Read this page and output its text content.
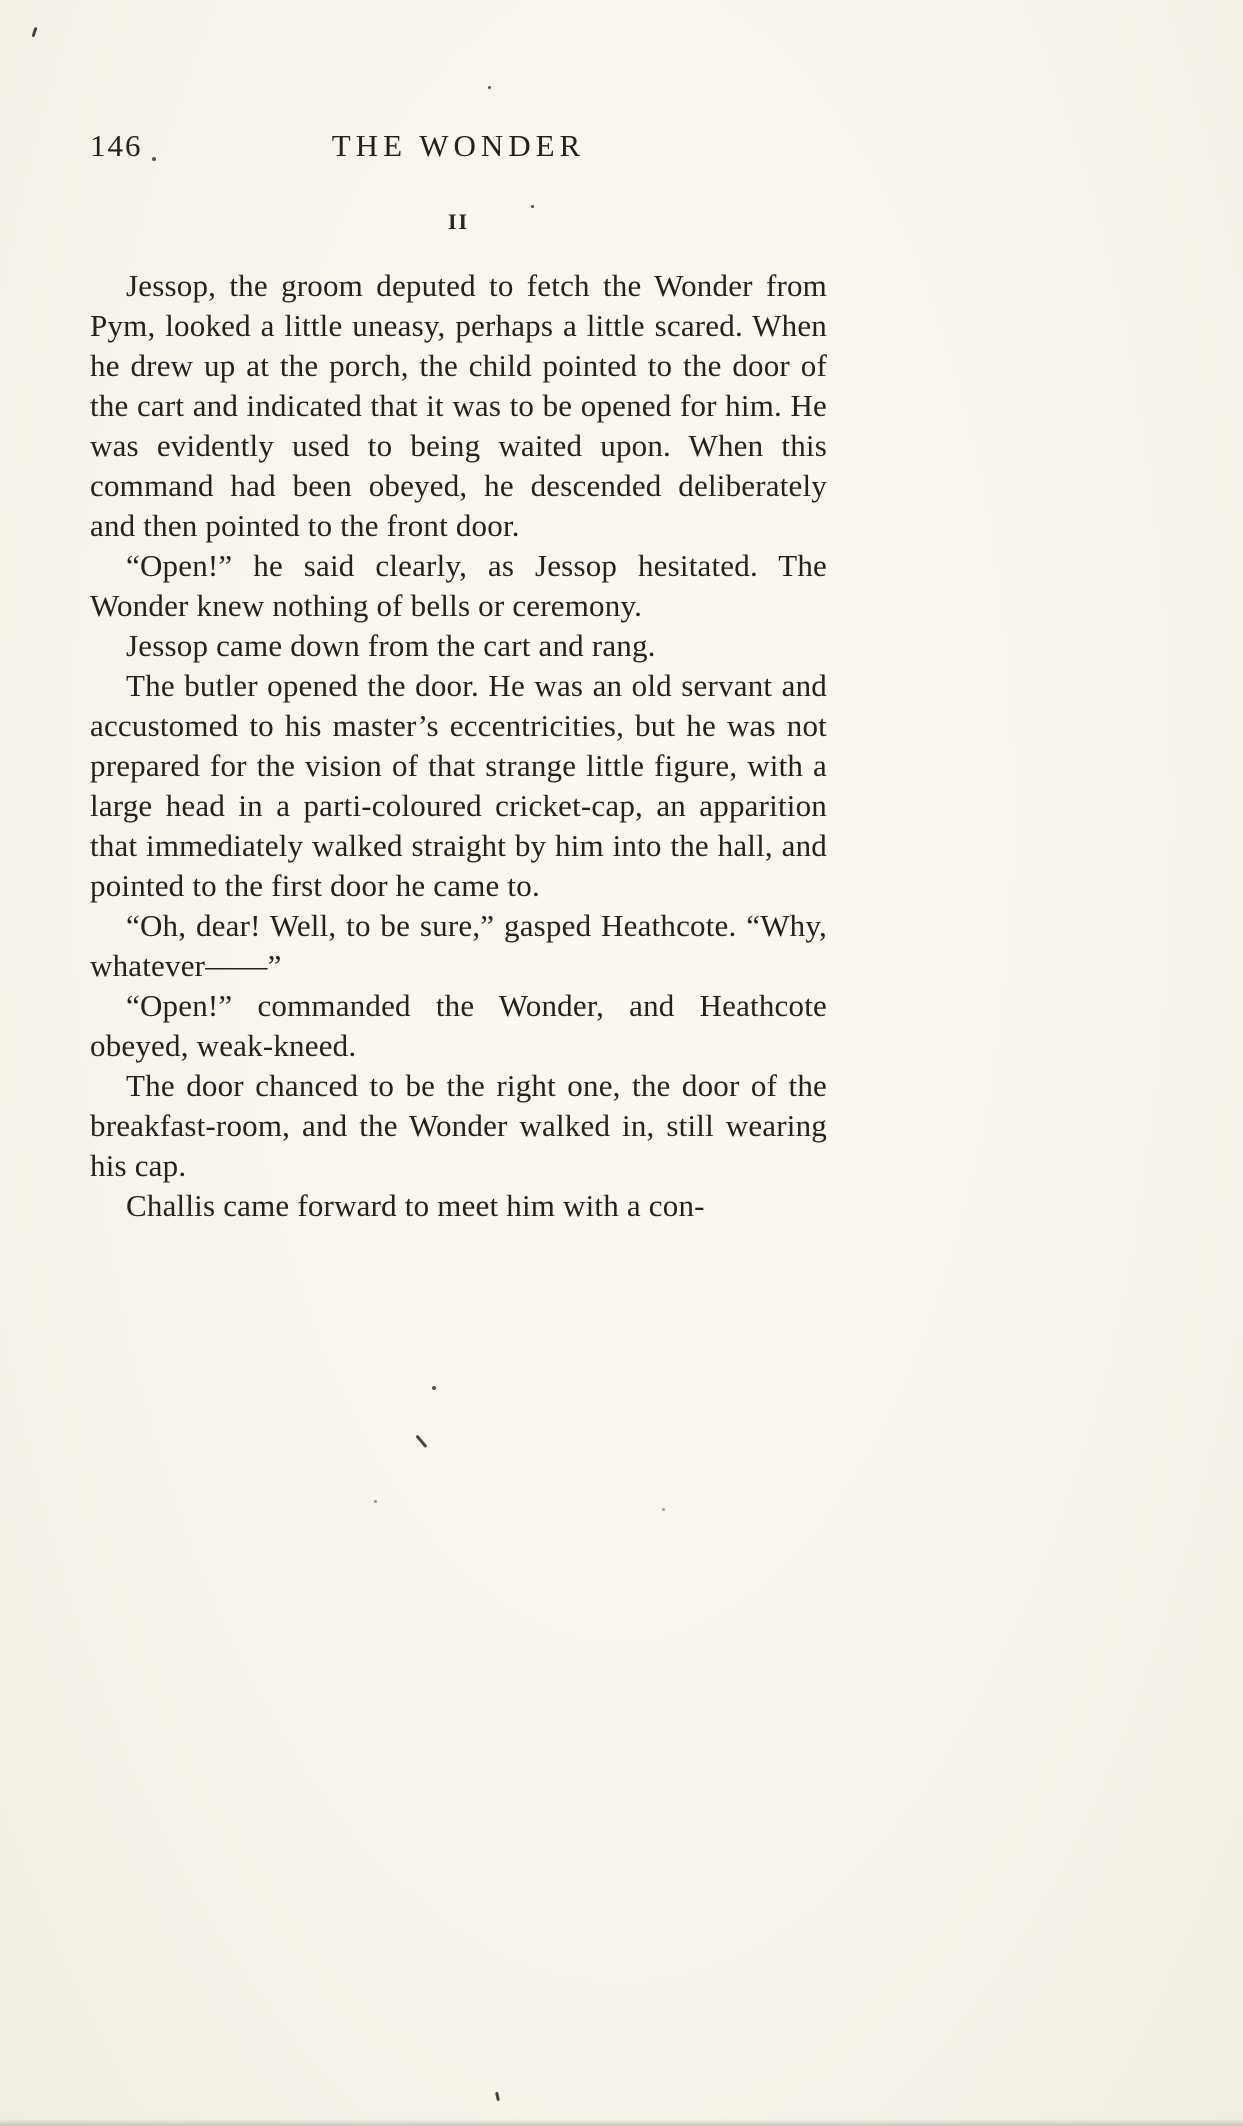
146	THE WONDER
II

Jessop, the groom deputed to fetch the Wonder from Pym, looked a little uneasy, perhaps a little scared. When he drew up at the porch, the child pointed to the door of the cart and indicated that it was to be opened for him. He was evidently used to being waited upon. When this command had been obeyed, he descended deliberately and then pointed to the front door.

“Open!” he said clearly, as Jessop hesitated. The Wonder knew nothing of bells or ceremony.

Jessop came down from the cart and rang.

The butler opened the door. He was an old servant and accustomed to his master’s eccentricities, but he was not prepared for the vision of that strange little figure, with a large head in a parti-coloured cricket-cap, an apparition that immediately walked straight by him into the hall, and pointed to the first door he came to.

“Oh, dear! Well, to be sure,” gasped Heathcote. “Why, whatever——”

“Open!” commanded the Wonder, and Heathcote obeyed, weak-kneed.

The door chanced to be the right one, the door of the breakfast-room, and the Wonder walked in, still wearing his cap.

Challis came forward to meet him with a con-
